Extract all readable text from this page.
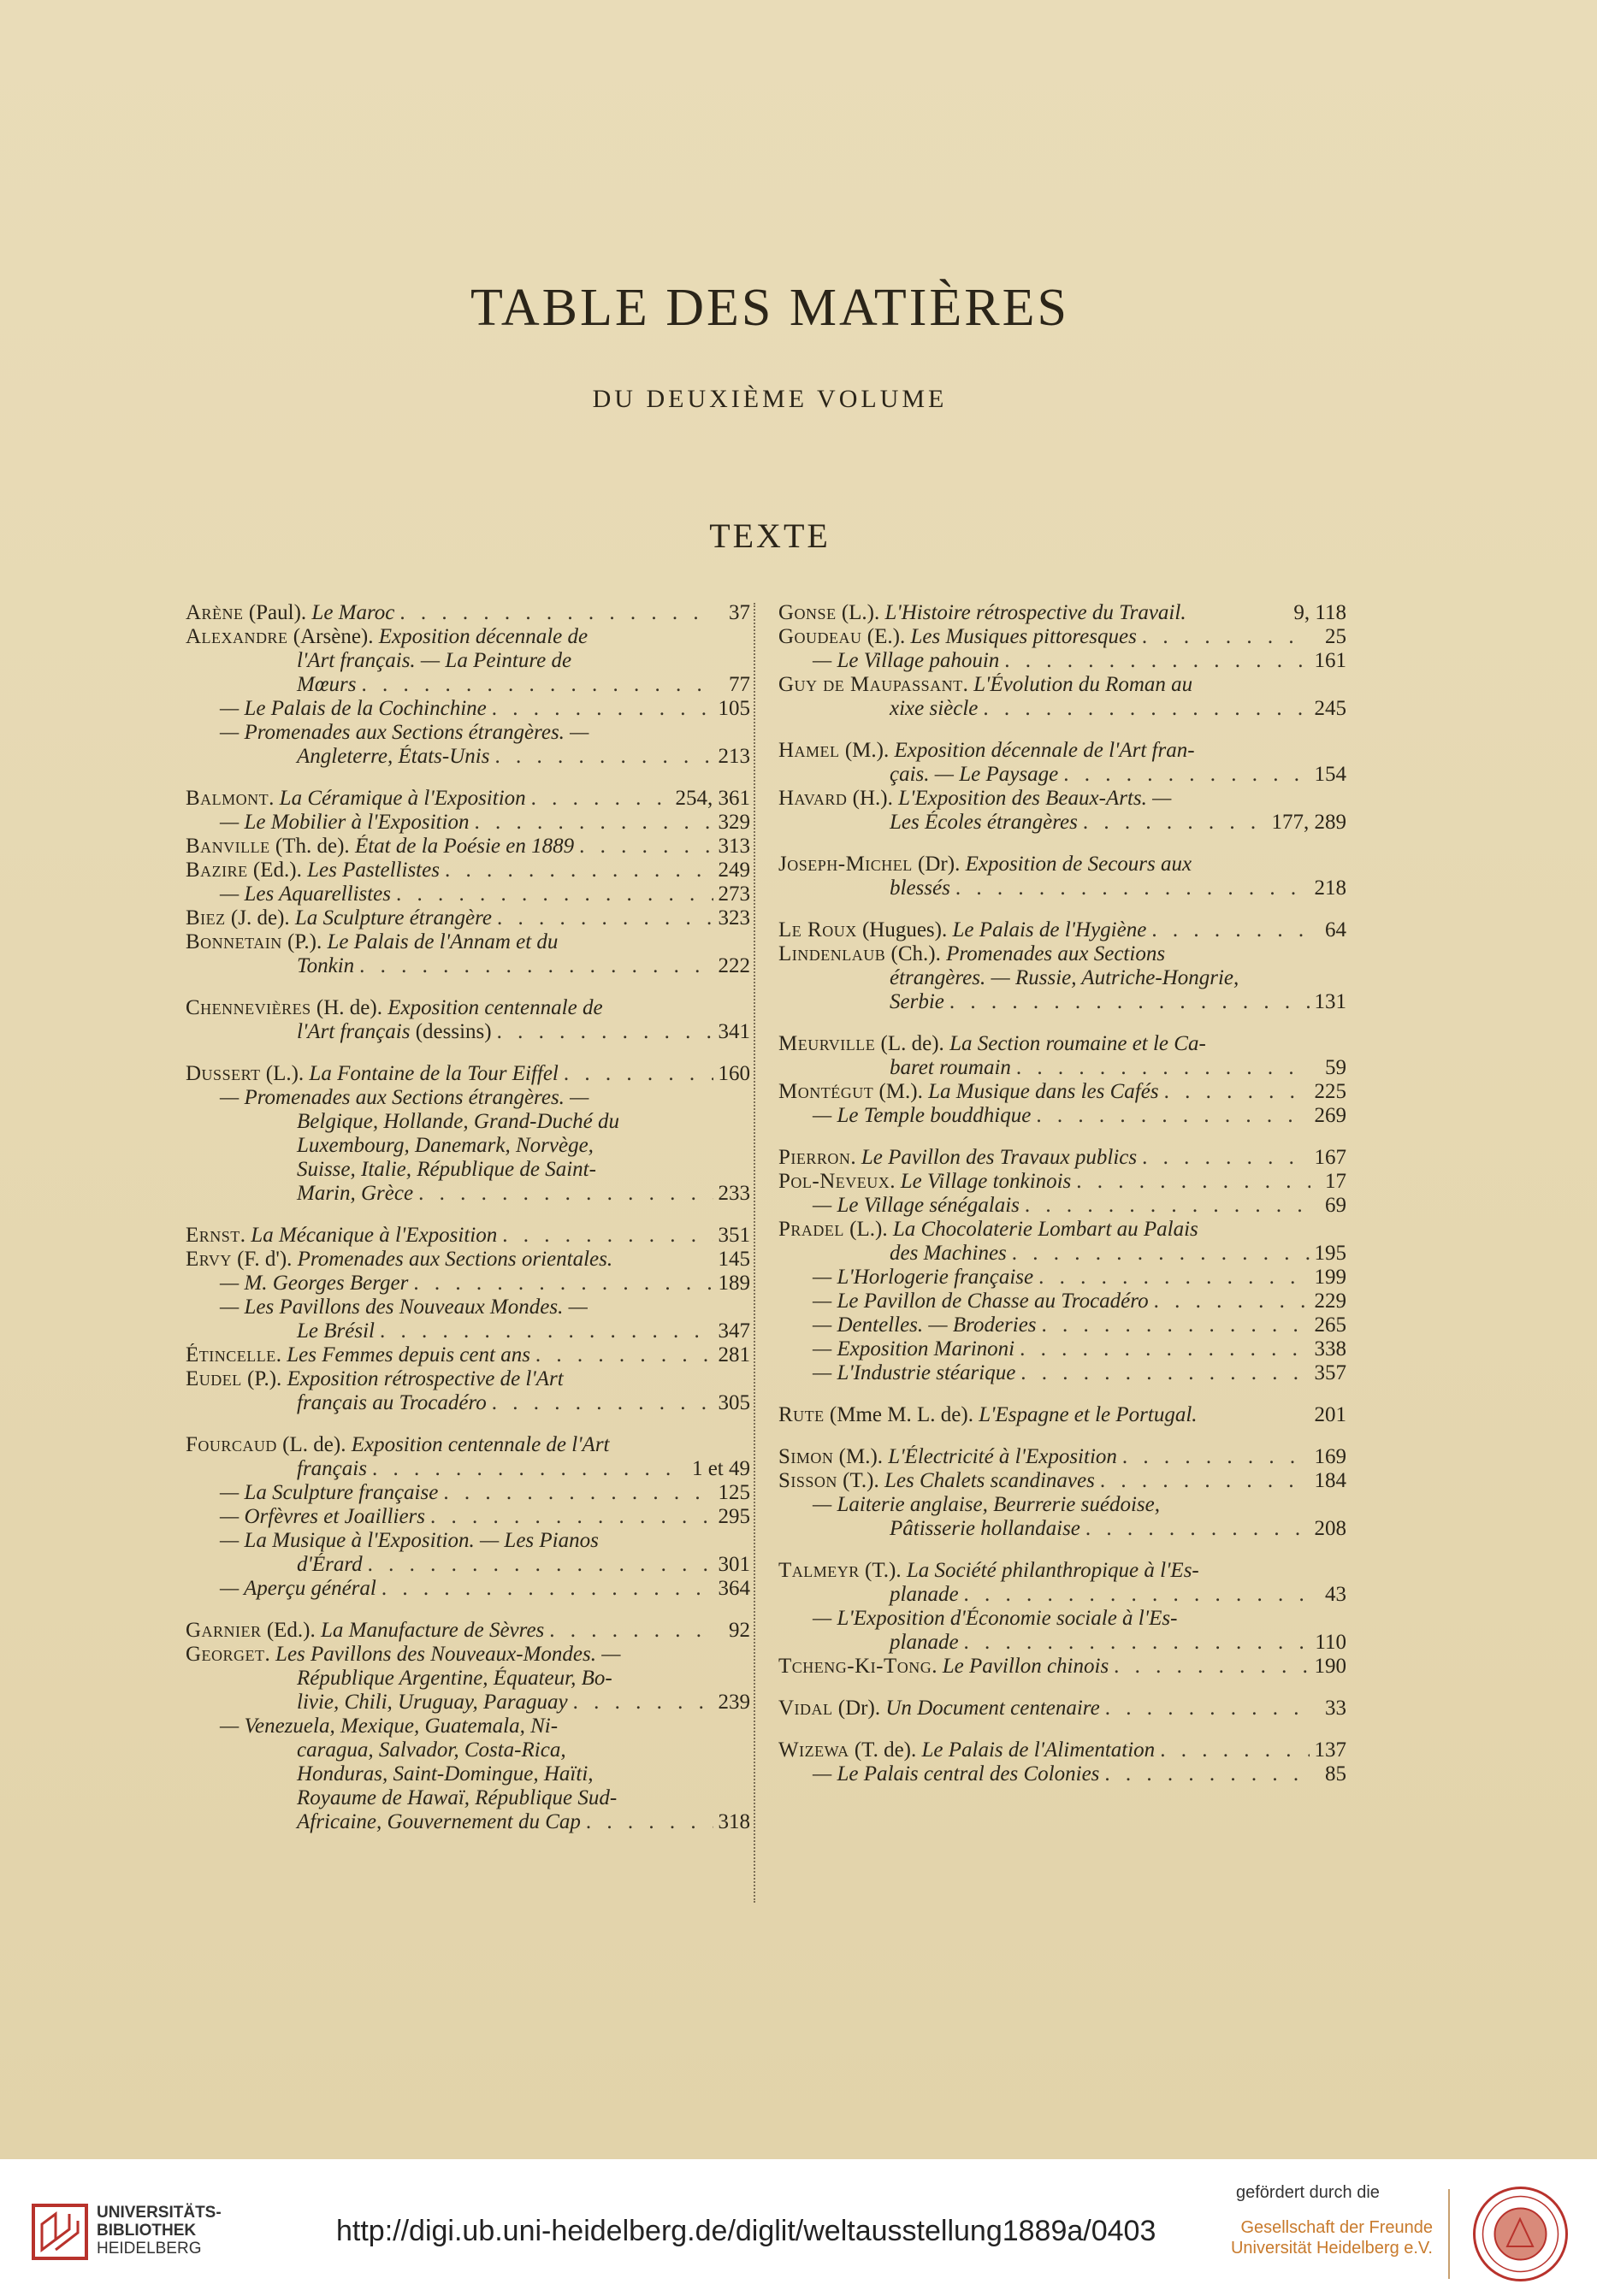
TABLE DES MATIÈRES
DU DEUXIÈME VOLUME
TEXTE
Arène (Paul). Le Maroc . . .	37
Alexandre (Arsène). Exposition décennale de
l'Art français. — La Peinture de
Mœurs . . .	77
— Le Palais de la Cochinchine . . .	105
— Promenades aux Sections étrangères. —
Angleterre, États-Unis . . .	213
Balmont. La Céramique à l'Exposition . . .	254, 361
— Le Mobilier à l'Exposition . . .	329
Banville (Th. de). État de la Poésie en 1889 . . .	313
Bazire (Ed.). Les Pastellistes . . .	249
— Les Aquarellistes . . .	273
Biez (J. de). La Sculpture étrangère . . .	323
Bonnetain (P.). Le Palais de l'Annam et du
Tonkin . . .	222
Chennevières (H. de). Exposition centennale de
l'Art français (dessins) . . .	341
Dussert (L.). La Fontaine de la Tour Eiffel . . .	160
— Promenades aux Sections étrangères. —
Belgique, Hollande, Grand-Duché du
Luxembourg, Danemark, Norvège,
Suisse, Italie, République de Saint-
Marin, Grèce . . .	233
Ernst. La Mécanique à l'Exposition . . .	351
Ervy (F. d'). Promenades aux Sections orientales.	145
— M. Georges Berger . . .	189
— Les Pavillons des Nouveaux Mondes. —
Le Brésil . . .	347
Étincelle. Les Femmes depuis cent ans . . .	281
Eudel (P.). Exposition rétrospective de l'Art
français au Trocadéro . . .	305
Fourcaud (L. de). Exposition centennale de l'Art
français . . .	1 et 49
— La Sculpture française . . .	125
— Orfèvres et Joailliers . . .	295
— La Musique à l'Exposition. — Les Pianos
d'Érard . . .	301
— Aperçu général . . .	364
Garnier (Ed.). La Manufacture de Sèvres . . .	92
Georget. Les Pavillons des Nouveaux-Mondes. —
République Argentine, Équateur, Bo-
livie, Chili, Uruguay, Paraguay . . .	239
— Venezuela, Mexique, Guatemala, Ni-
caragua, Salvador, Costa-Rica,
Honduras, Saint-Domingue, Haïti,
Royaume de Hawaï, République Sud-
Africaine, Gouvernement du Cap . . .	318
Gonse (L.). L'Histoire rétrospective du Travail.	9, 118
Goudeau (E.). Les Musiques pittoresques . . .	25
— Le Village pahouin . . .	161
Guy de Maupassant. L'Évolution du Roman au
xixe siècle . . .	245
Hamel (M.). Exposition décennale de l'Art fran-
çais. — Le Paysage . . .	154
Havard (H.). L'Exposition des Beaux-Arts. —
Les Écoles étrangères . . .	177, 289
Joseph-Michel (Dr). Exposition de Secours aux
blessés . . .	218
Le Roux (Hugues). Le Palais de l'Hygiène . . .	64
Lindenlaub (Ch.). Promenades aux Sections
étrangères. — Russie, Autriche-Hongrie,
Serbie . . .	131
Meurville (L. de). La Section roumaine et le Ca-
baret roumain . . .	59
Montégut (M.). La Musique dans les Cafés . . .	225
— Le Temple bouddhique . . .	269
Pierron. Le Pavillon des Travaux publics . . .	167
Pol-Neveux. Le Village tonkinois . . .	17
— Le Village sénégalais . . .	69
Pradel (L.). La Chocolaterie Lombart au Palais
des Machines . . .	195
— L'Horlogerie française . . .	199
— Le Pavillon de Chasse au Trocadéro . . .	229
— Dentelles. — Broderies . . .	265
— Exposition Marinoni . . .	338
— L'Industrie stéarique . . .	357
Rute (Mme M. L. de). L'Espagne et le Portugal.	201
Simon (M.). L'Électricité à l'Exposition . . .	169
Sisson (T.). Les Chalets scandinaves . . .	184
— Laiterie anglaise, Beurrerie suédoise,
Pâtisserie hollandaise . . .	208
Talmeyr (T.). La Société philanthropique à l'Es-
planade . . .	43
— L'Exposition d'Économie sociale à l'Es-
planade . . .	110
Tcheng-Ki-Tong. Le Pavillon chinois . . .	190
Vidal (Dr). Un Document centenaire . . .	33
Wizewa (T. de). Le Palais de l'Alimentation . . .	137
— Le Palais central des Colonies . . .	85
UNIVERSITÄTS-
BIBLIOTHEK
HEIDELBERG
http://digi.ub.uni-heidelberg.de/diglit/weltausstellung1889a/0403
gefördert durch die
Gesellschaft der Freunde
Universität Heidelberg e.V.
